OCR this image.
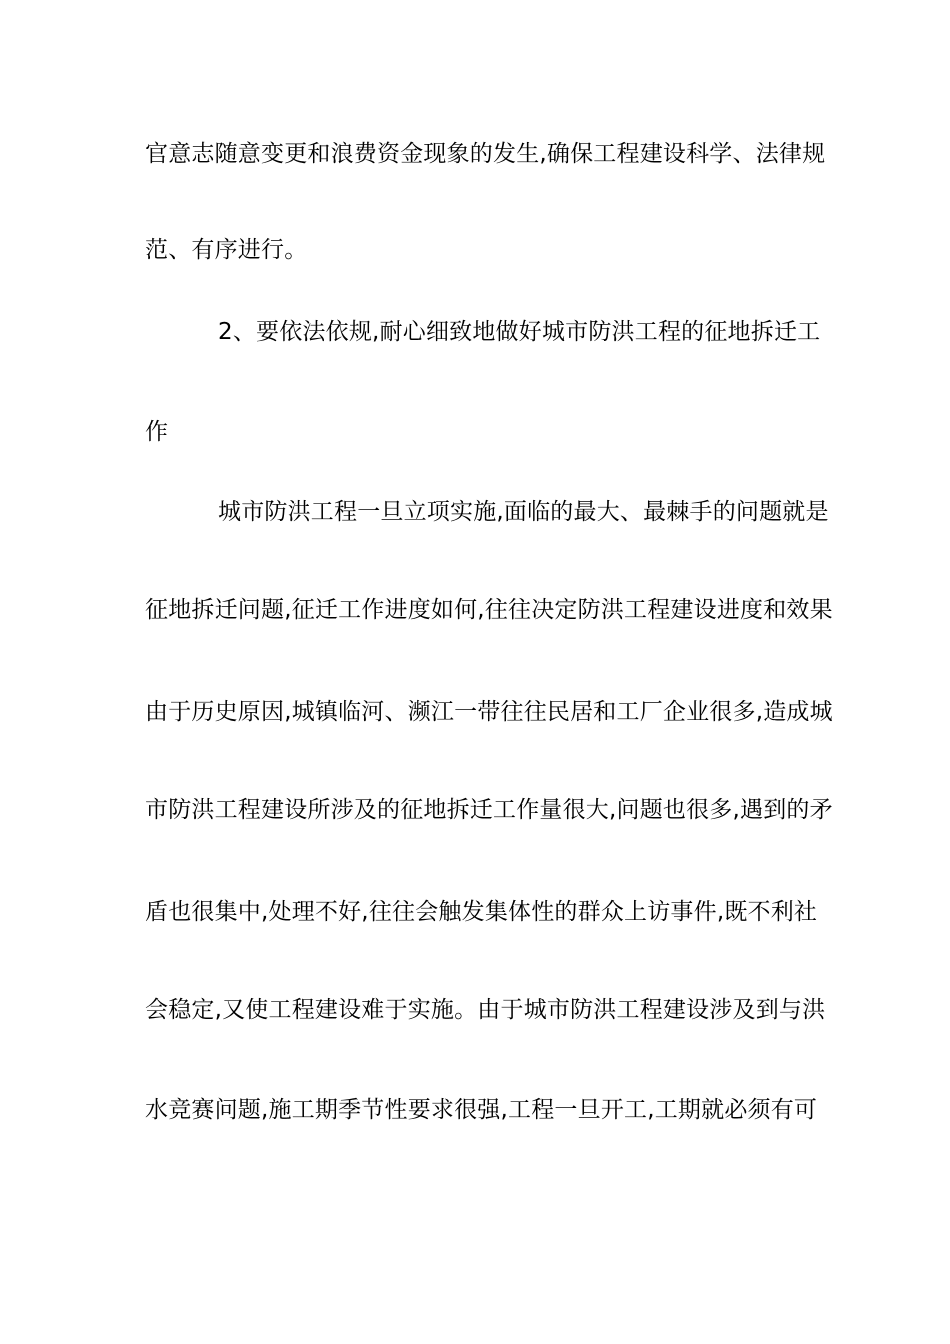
官意志随意变更和浪费资金现象的发生,确保工程建设科学、法律规
范、有序进行。
2、要依法依规,耐心细致地做好城市防洪工程的征地拆迁工
作
城市防洪工程一旦立项实施,面临的最大、最棘手的问题就是
征地拆迁问题,征迁工作进度如何,往往决定防洪工程建设进度和效果
由于历史原因,城镇临河、濒江一带往往民居和工厂企业很多,造成城
市防洪工程建设所涉及的征地拆迁工作量很大,问题也很多,遇到的矛
盾也很集中,处理不好,往往会触发集体性的群众上访事件,既不利社
会稳定,又使工程建设难于实施。由于城市防洪工程建设涉及到与洪
水竞赛问题,施工期季节性要求很强,工程一旦开工,工期就必须有可
